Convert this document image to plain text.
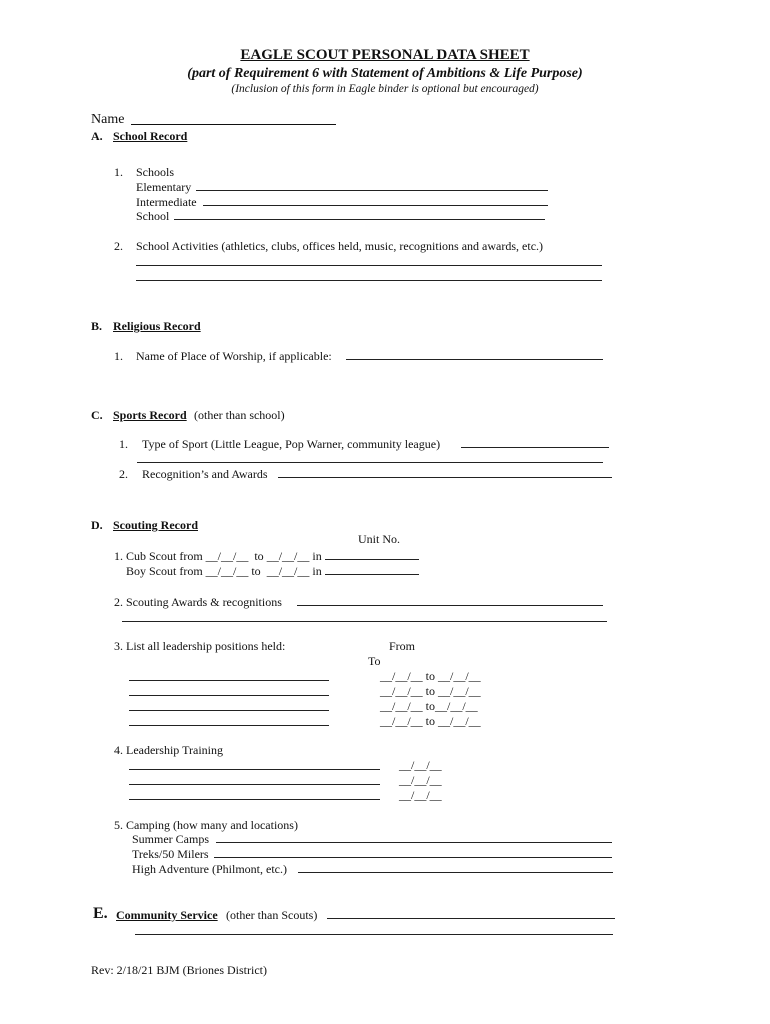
EAGLE SCOUT PERSONAL DATA SHEET
(part of Requirement 6 with Statement of Ambitions & Life Purpose)
(Inclusion of this form in Eagle binder is optional but encouraged)
Name
A. School Record
1. Schools
Elementary
Intermediate
School
2. School Activities (athletics, clubs, offices held, music, recognitions and awards, etc.)
B. Religious Record
1. Name of Place of Worship, if applicable:
C. Sports Record (other than school)
1. Type of Sport (Little League, Pop Warner, community league)
2. Recognition’s and Awards
D. Scouting Record
Unit No.
1. Cub Scout from __/__/__ to __/__/__ in
Boy Scout from __/__/__ to __/__/__ in
2. Scouting Awards & recognitions
3. List all leadership positions held:	From
To
__/__/__ to __/__/__
__/__/__ to __/__/__
__/__/__ to__/__/__
__/__/__ to __/__/__
4. Leadership Training
__/__/__
__/__/__
__/__/__
5. Camping (how many and locations)
Summer Camps
Treks/50 Milers
High Adventure (Philmont, etc.)
E. Community Service (other than Scouts)
Rev: 2/18/21 BJM (Briones District)
